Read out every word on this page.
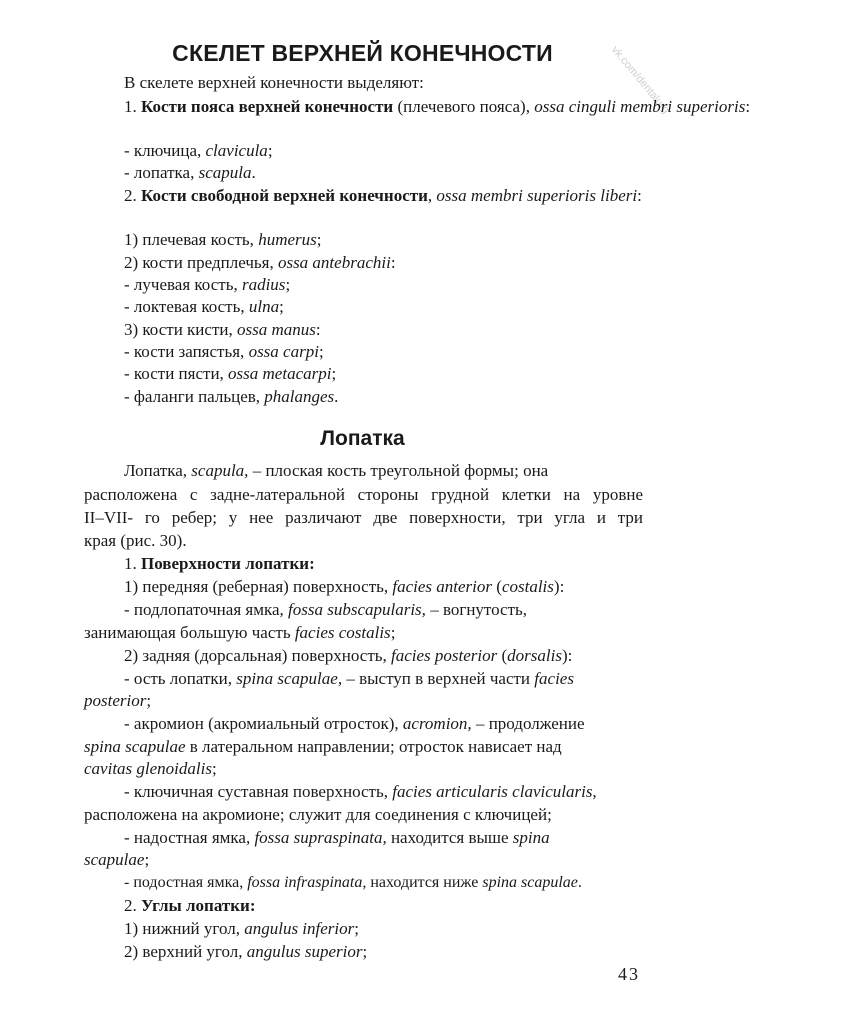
vk.com/dentalurg
СКЕЛЕТ ВЕРХНЕЙ КОНЕЧНОСТИ
В скелете верхней конечности выделяют:
1. Кости пояса верхней конечности (плечевого пояса), ossa cinguli membri superioris:
- ключица, clavicula;
- лопатка, scapula.
2. Кости свободной верхней конечности, ossa membri superioris liberi:
1) плечевая кость, humerus;
2) кости предплечья, ossa antebrachii:
- лучевая кость, radius;
- локтевая кость, ulna;
3) кости кисти, ossa manus:
- кости запястья, ossa carpi;
- кости пясти, ossa metacarpi;
- фаланги пальцев, phalanges.
Лопатка
Лопатка, scapula, – плоская кость треугольной формы; она
расположена с задне-латеральной стороны грудной клетки на уровне
II–VII- го ребер; у нее различают две поверхности, три угла и три
края (рис. 30).
1. Поверхности лопатки:
1) передняя (реберная) поверхность, facies anterior (costalis):
- подлопаточная ямка, fossa subscapularis, – вогнутость,
занимающая большую часть facies costalis;
2) задняя (дорсальная) поверхность, facies posterior (dorsalis):
- ость лопатки, spina scapulae, – выступ в верхней части facies
posterior;
- акромион (акромиальный отросток), acromion, – продолжение
spina scapulae в латеральном направлении; отросток нависает над
cavitas glenoidalis;
- ключичная суставная поверхность, facies articularis clavicularis,
расположена на акромионе; служит для соединения с ключицей;
- надостная ямка, fossa supraspinata, находится выше spina
scapulae;
- подостная ямка, fossa infraspinata, находится ниже spina scapulae.
2. Углы лопатки:
1) нижний угол, angulus inferior;
2) верхний угол, angulus superior;
43
